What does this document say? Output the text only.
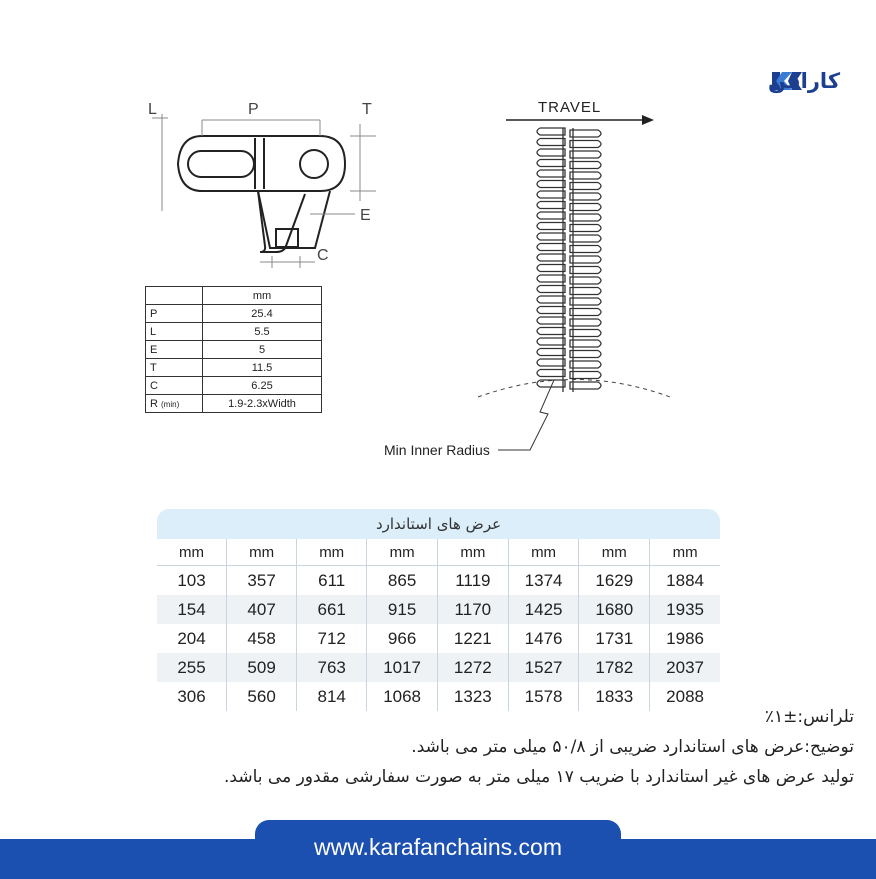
کارافن
L	P	T
E
C
TRAVEL
	mm
P	25.4
L	5.5
E	5
T	11.5
C	6.25
R (min)	1.9-2.3xWidth
Min Inner Radius
عرض های استاندارد
mm	mm	mm	mm	mm	mm	mm	mm
103	357	611	865	1119	1374	1629	1884
154	407	661	915	1170	1425	1680	1935
204	458	712	966	1221	1476	1731	1986
255	509	763	1017	1272	1527	1782	2037
306	560	814	1068	1323	1578	1833	2088
تلرانس:±۱٪
توضیح:عرض های استاندارد ضریبی از ۵۰/۸ میلی متر می باشد.
تولید عرض های غیر استاندارد با ضریب ۱۷ میلی متر به صورت سفارشی مقدور می باشد.
www.karafanchains.com
